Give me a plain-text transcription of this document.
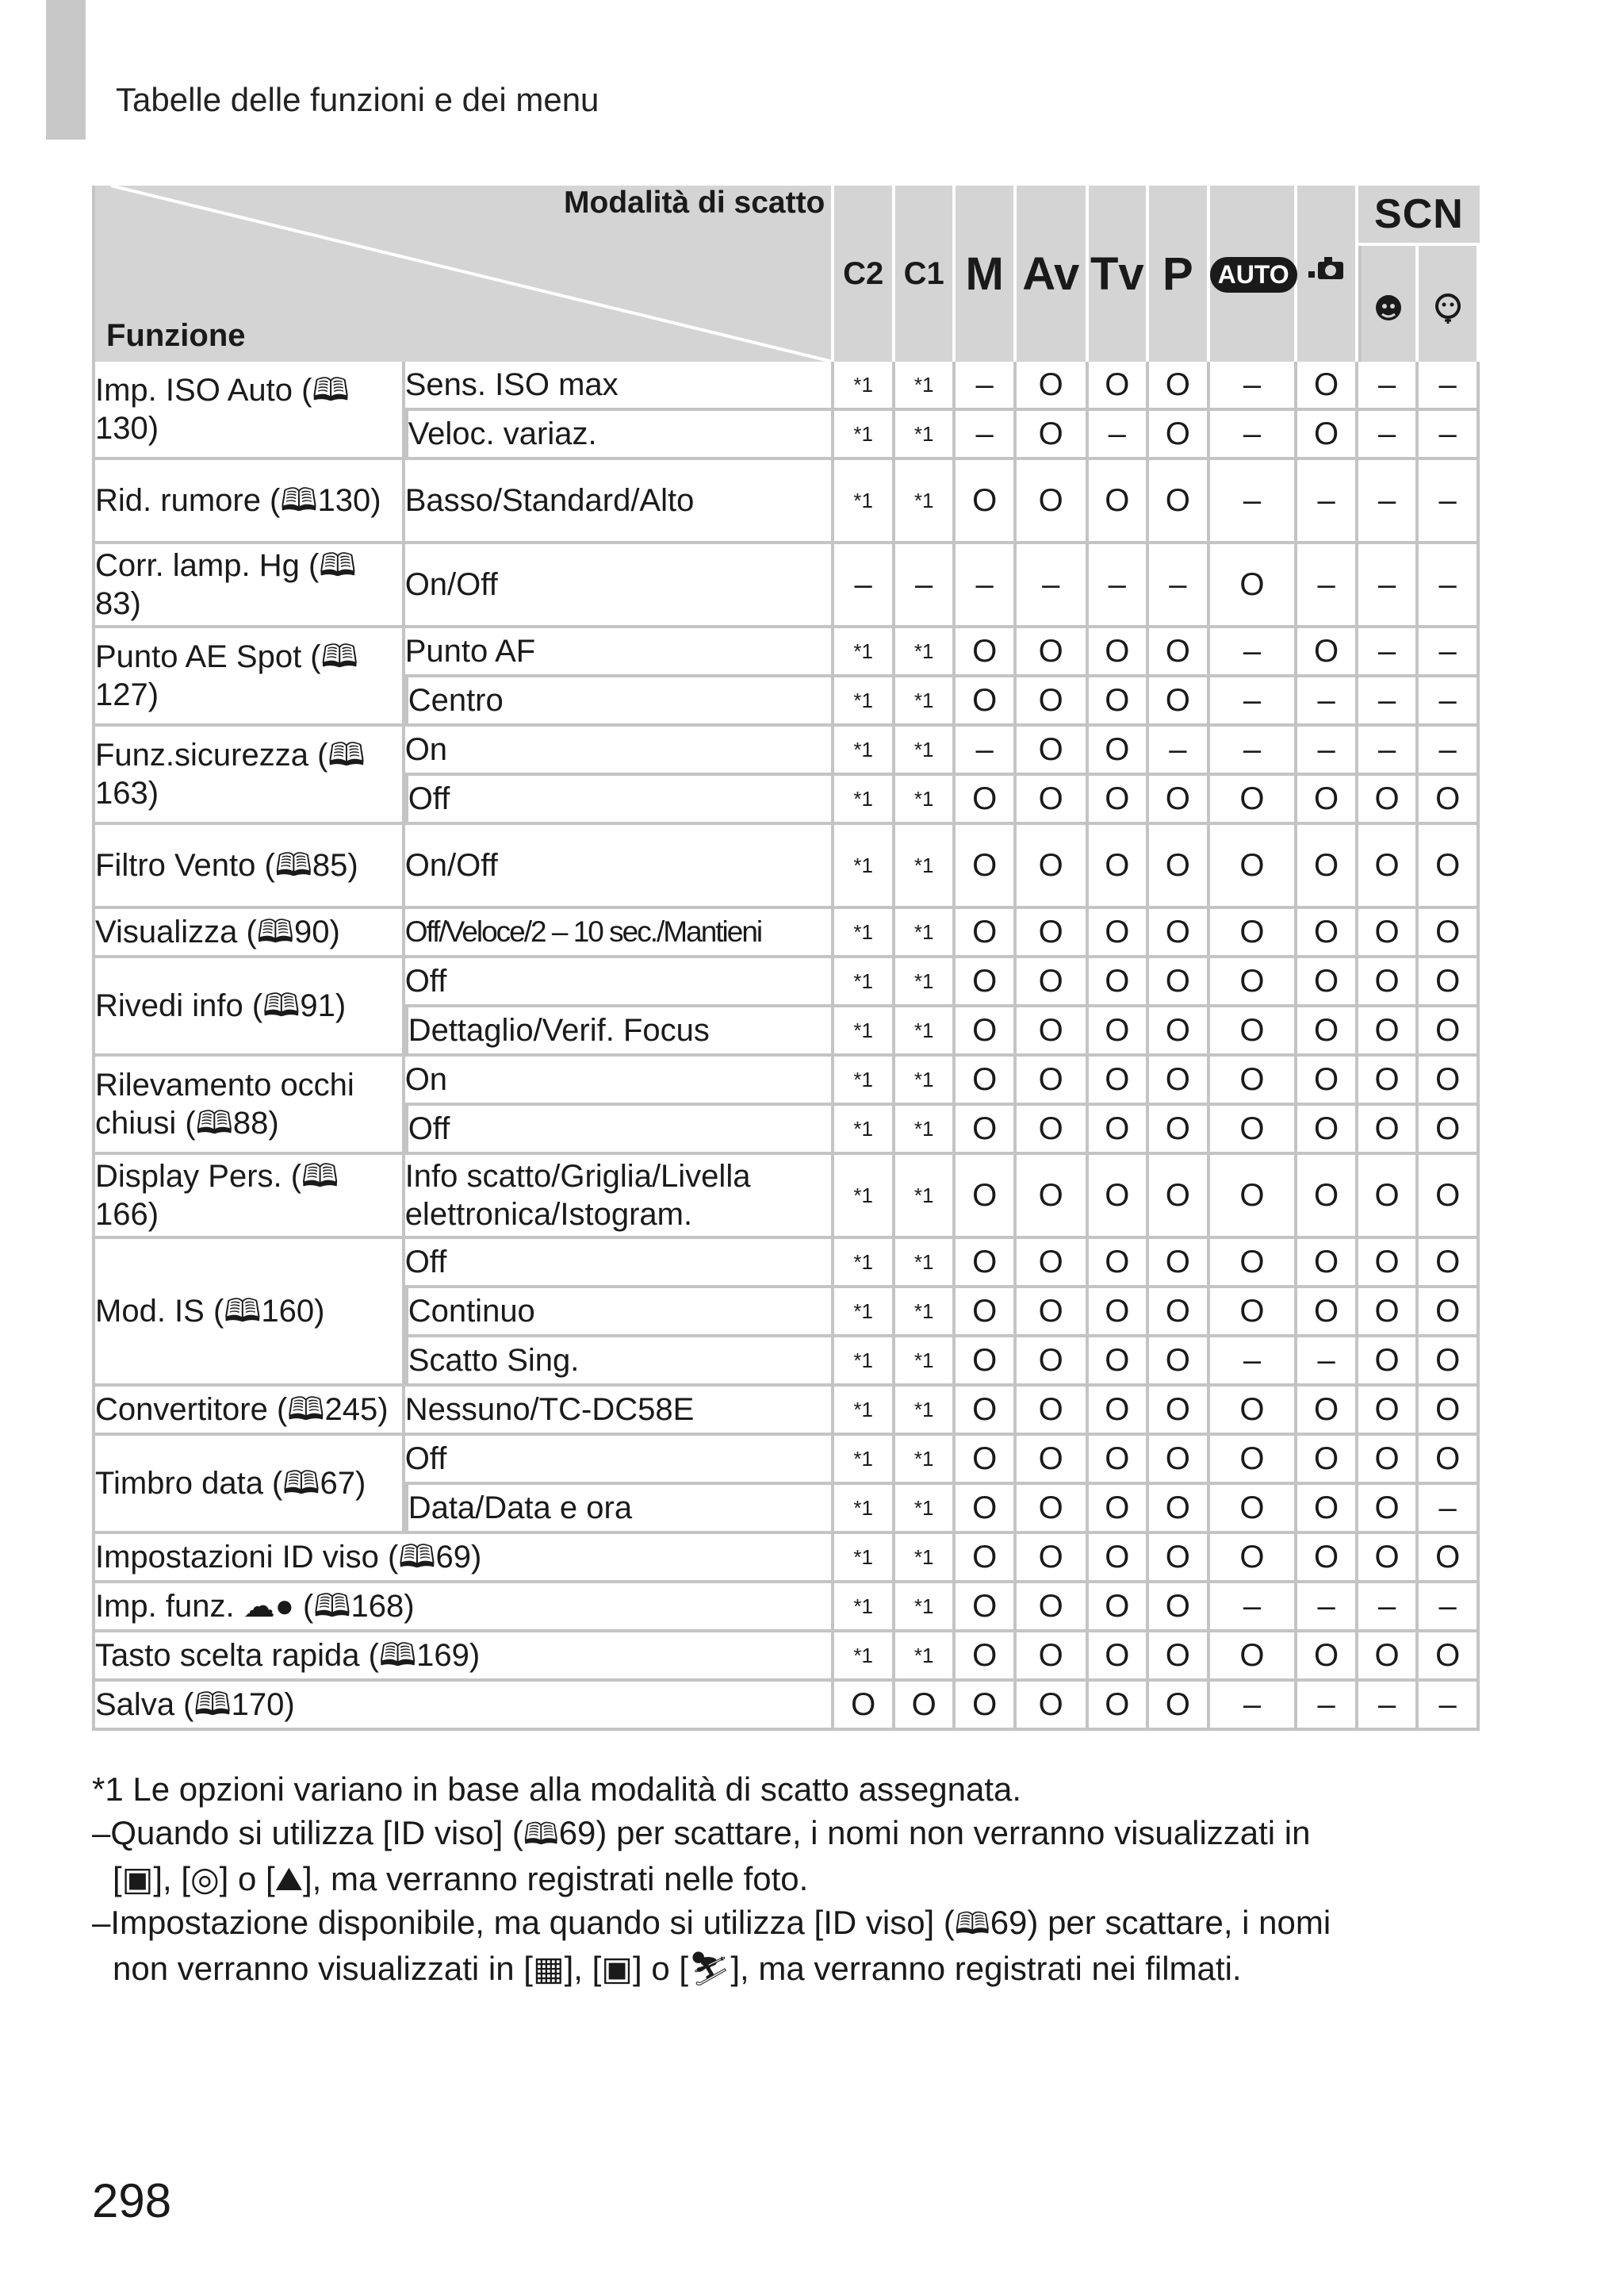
Tabelle delle funzioni e dei menu
Modalità di scatto
Funzione		C2	C1	M	Av	Tv	P	AUTO		SCN	

Imp. ISO Auto (🕮130)	Sens. ISO max	*1	*1	–	O	O	O	–	O	–	–
	Veloc. variaz.	*1	*1	–	O	–	O	–	O	–	–
Rid. rumore (🕮130)	Basso/Standard/Alto	*1	*1	O	O	O	O	–	–	–	–
Corr. lamp. Hg (🕮83)	On/Off	–	–	–	–	–	–	O	–	–	–
Punto AE Spot (🕮127)	Punto AF	*1	*1	O	O	O	O	–	O	–	–
	Centro	*1	*1	O	O	O	O	–	–	–	–
Funz.sicurezza (🕮163)	On	*1	*1	–	O	O	–	–	–	–	–
	Off	*1	*1	O	O	O	O	O	O	O	O
Filtro Vento (🕮85)	On/Off	*1	*1	O	O	O	O	O	O	O	O
Visualizza (🕮90)	Off/Veloce/2 – 10 sec./Mantieni	*1	*1	O	O	O	O	O	O	O	O
Rivedi info (🕮91)	Off	*1	*1	O	O	O	O	O	O	O	O
	Dettaglio/Verif. Focus	*1	*1	O	O	O	O	O	O	O	O
Rilevamento occhi chiusi (🕮88)	On	*1	*1	O	O	O	O	O	O	O	O
	Off	*1	*1	O	O	O	O	O	O	O	O
Display Pers. (🕮166)	Info scatto/Griglia/Livella elettronica/Istogram.	*1	*1	O	O	O	O	O	O	O	O
Mod. IS (🕮160)	Off	*1	*1	O	O	O	O	O	O	O	O
	Continuo	*1	*1	O	O	O	O	O	O	O	O
	Scatto Sing.	*1	*1	O	O	O	O	–	–	O	O
Convertitore (🕮245)	Nessuno/TC-DC58E	*1	*1	O	O	O	O	O	O	O	O
Timbro data (🕮67)	Off	*1	*1	O	O	O	O	O	O	O	O
	Data/Data e ora	*1	*1	O	O	O	O	O	O	O	–
Impostazioni ID viso (🕮69)		*1	*1	O	O	O	O	O	O	O	O
Imp. funz. ☁● (🕮168)		*1	*1	O	O	O	O	–	–	–	–
Tasto scelta rapida (🕮169)		*1	*1	O	O	O	O	O	O	O	O
Salva (🕮170)		O	O	O	O	O	O	–	–	–	–

*1 Le opzioni variano in base alla modalità di scatto assegnata.

–Quando si utilizza [ID viso] (🕮69) per scattare, i nomi non verranno visualizzati in

[▣], [◎] o [⛰], ma verranno registrati nelle foto.

–Impostazione disponibile, ma quando si utilizza [ID viso] (🕮69) per scattare, i nomi

non verranno visualizzati in [▦], [▣] o [⛷], ma verranno registrati nei filmati.

298
